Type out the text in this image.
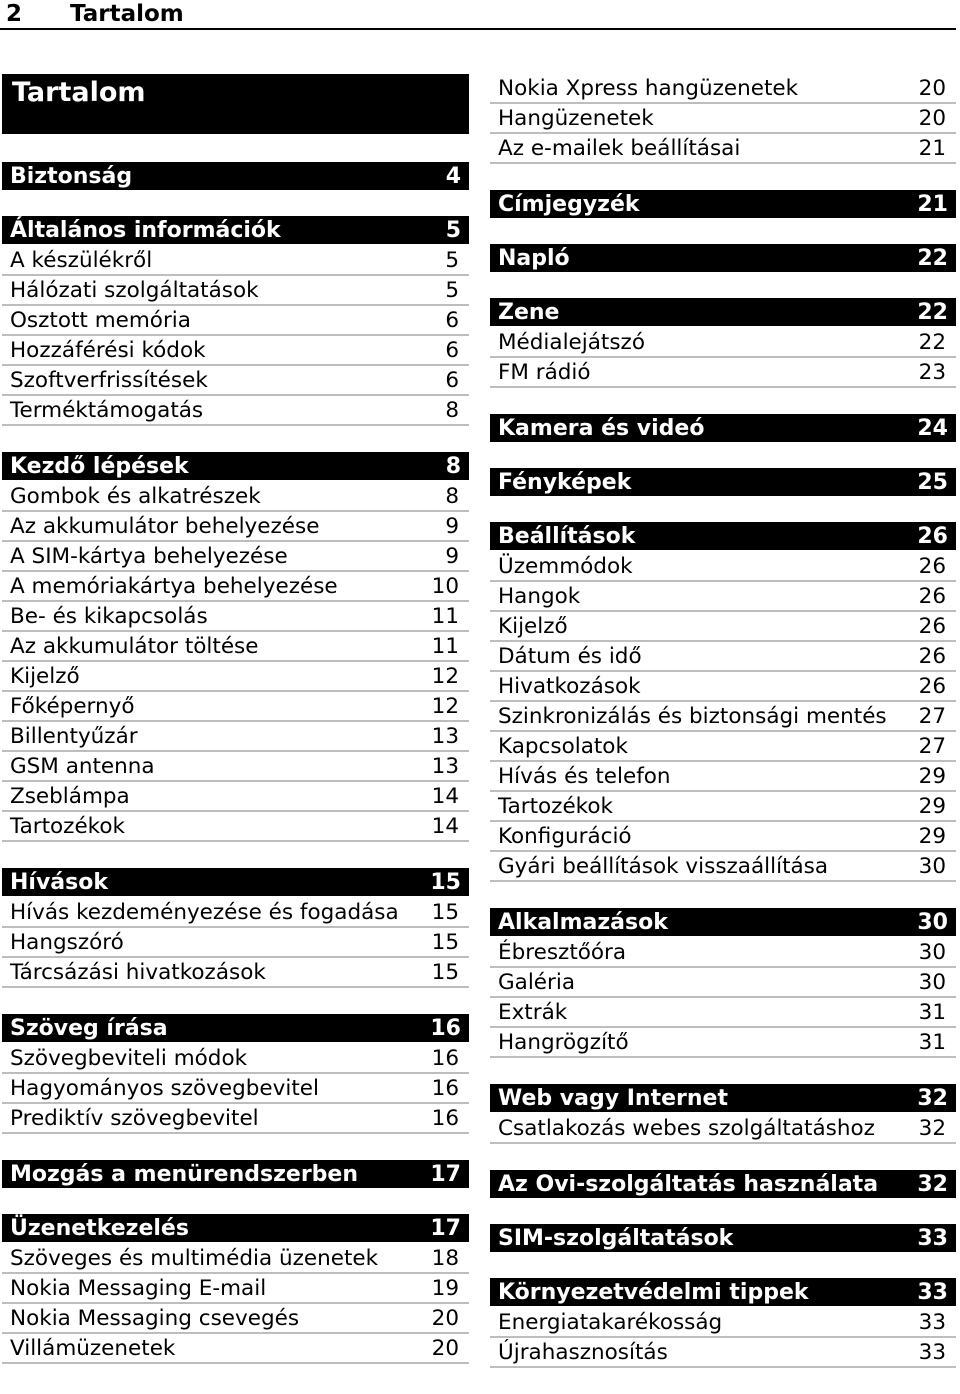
2 Tartalom
Tartalom
Biztonság	4
Általános információk	5
A készülékről	5
Hálózati szolgáltatások	5
Osztott memória	6
Hozzáférési kódok	6
Szoftverfrissítések	6
Terméktámogatás	8
Kezdő lépések	8
Gombok és alkatrészek	8
Az akkumulátor behelyezése	9
A SIM-kártya behelyezése	9
A memóriakártya behelyezése	10
Be- és kikapcsolás	11
Az akkumulátor töltése	11
Kijelző	12
Főképernyő	12
Billentyűzár	13
GSM antenna	13
Zseblámpa	14
Tartozékok	14
Hívások	15
Hívás kezdeményezése és fogadása 15
Hangszóró	15
Tárcsázási hivatkozások	15
Szöveg írása	16
Szövegbeviteli módok	16
Hagyományos szövegbevitel	16
Prediktív szövegbevitel	16
Mozgás a menürendszerben	17
Üzenetkezelés	17
Szöveges és multimédia üzenetek 18
Nokia Messaging E-mail	19
Nokia Messaging csevegés	20
Villámüzenetek	20
Nokia Xpress hangüzenetek	20
Hangüzenetek	20
Az e-mailek beállításai	21
Címjegyzék	21
Napló	22
Zene	22
Médialejátszó	22
FM rádió	23
Kamera és videó	24
Fényképek	25
Beállítások	26
Üzemmódok	26
Hangok	26
Kijelző	26
Dátum és idő	26
Hivatkozások	26
Szinkronizálás és biztonsági mentés 27
Kapcsolatok	27
Hívás és telefon	29
Tartozékok	29
Konfiguráció	29
Gyári beállítások visszaállítása	30
Alkalmazások	30
Ébresztőóra	30
Galéria	30
Extrák	31
Hangrögzítő	31
Web vagy Internet	32
Csatlakozás webes szolgáltatáshoz 32
Az Ovi-szolgáltatás használata 32
SIM-szolgáltatások	33
Környezetvédelmi tippek	33
Energiatakarékosság	33
Újrahasznosítás	33
